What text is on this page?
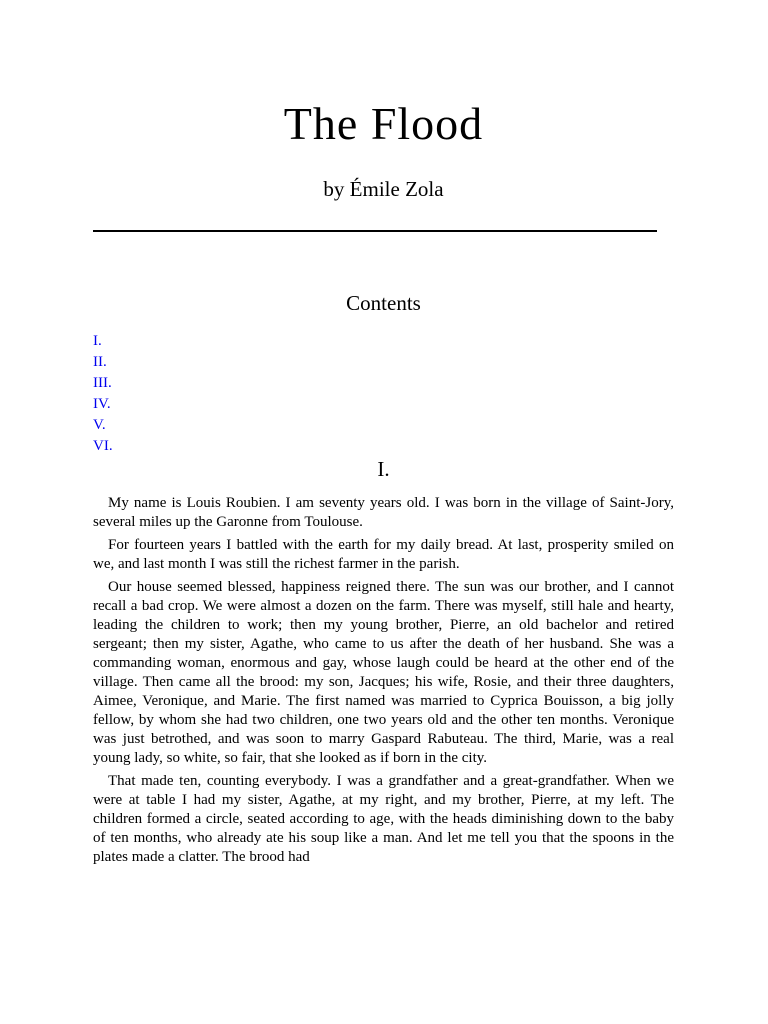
The Flood

by Émile Zola

Contents
I.
II.
III.
IV.
V.
VI.
I.

My name is Louis Roubien. I am seventy years old. I was born in the village of Saint-Jory, several miles up the Garonne from Toulouse.

For fourteen years I battled with the earth for my daily bread. At last, prosperity smiled on we, and last month I was still the richest farmer in the parish.

Our house seemed blessed, happiness reigned there. The sun was our brother, and I cannot recall a bad crop. We were almost a dozen on the farm. There was myself, still hale and hearty, leading the children to work; then my young brother, Pierre, an old bachelor and retired sergeant; then my sister, Agathe, who came to us after the death of her husband. She was a commanding woman, enormous and gay, whose laugh could be heard at the other end of the village. Then came all the brood: my son, Jacques; his wife, Rosie, and their three daughters, Aimee, Veronique, and Marie. The first named was married to Cyprica Bouisson, a big jolly fellow, by whom she had two children, one two years old and the other ten months. Veronique was just betrothed, and was soon to marry Gaspard Rabuteau. The third, Marie, was a real young lady, so white, so fair, that she looked as if born in the city.

That made ten, counting everybody. I was a grandfather and a great-grandfather. When we were at table I had my sister, Agathe, at my right, and my brother, Pierre, at my left. The children formed a circle, seated according to age, with the heads diminishing down to the baby of ten months, who already ate his soup like a man. And let me tell you that the spoons in the plates made a clatter. The brood had
